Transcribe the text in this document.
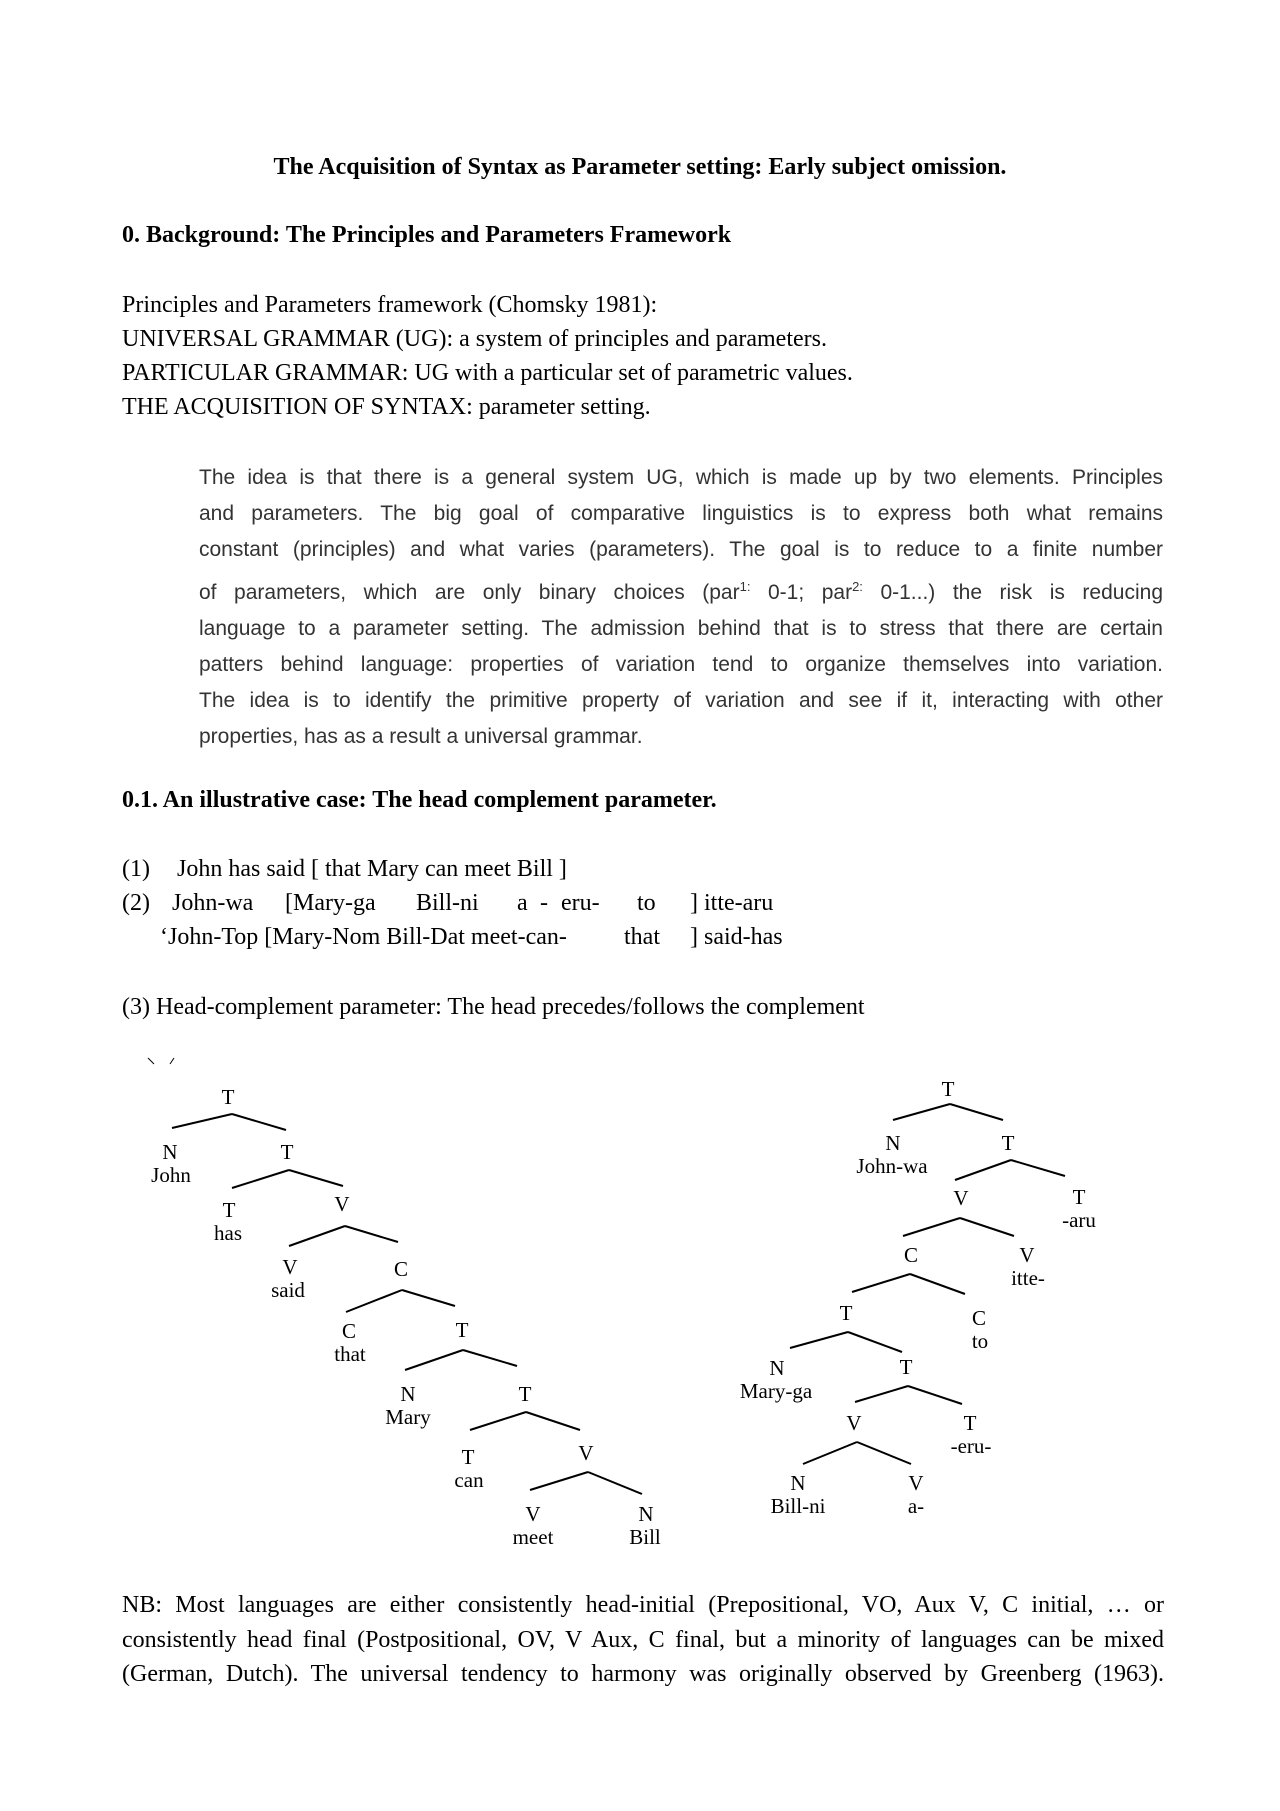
The Acquisition of Syntax as Parameter setting: Early subject omission.
0. Background: The Principles and Parameters Framework
Principles and Parameters framework (Chomsky 1981):
UNIVERSAL GRAMMAR (UG): a system of principles and parameters.
PARTICULAR GRAMMAR: UG with a particular set of parametric values.
THE ACQUISITION OF SYNTAX: parameter setting.
The idea is that there is a general system UG, which is made up by two elements. Principles
and parameters. The big goal of comparative linguistics is to express both what remains
constant (principles) and what varies (parameters). The goal is to reduce to a finite number
of parameters, which are only binary choices (par$^{1:}$ 0-1; par$^{2:}$ 0-1...) the risk is reducing
language to a parameter setting. The admission behind that is to stress that there are certain
patters behind language: properties of variation tend to organize themselves into variation.
The idea is to identify the primitive property of variation and see if it, interacting with other
properties, has as a result a universal grammar.
0.1. An illustrative case: The head complement parameter.
(1) John has said [ that Mary can meet Bill ]
(2) John-wa [Mary-ga Bill-ni a - eru- to ] itte-aru
‘John-Top [Mary-Nom Bill-Dat meet-can- that ] said-has
(3) Head-complement parameter: The head precedes/follows the complement
T
N
John
T
T
has
V
V
said
C
C
that
T
N
Mary
T
T
can
V
V
meet
N
Bill
T
N
John-wa
T
V	T
-aru
C	V
itte-
T	C
to
N
Mary-ga
T
V	T
-eru-
N
Bill-ni
V
a-
NB: Most languages are either consistently head-initial (Prepositional, VO, Aux V, C initial, … or
consistently head final (Postpositional, OV, V Aux, C final, but a minority of languages can be mixed
(German, Dutch). The universal tendency to harmony was originally observed by Greenberg (1963).
